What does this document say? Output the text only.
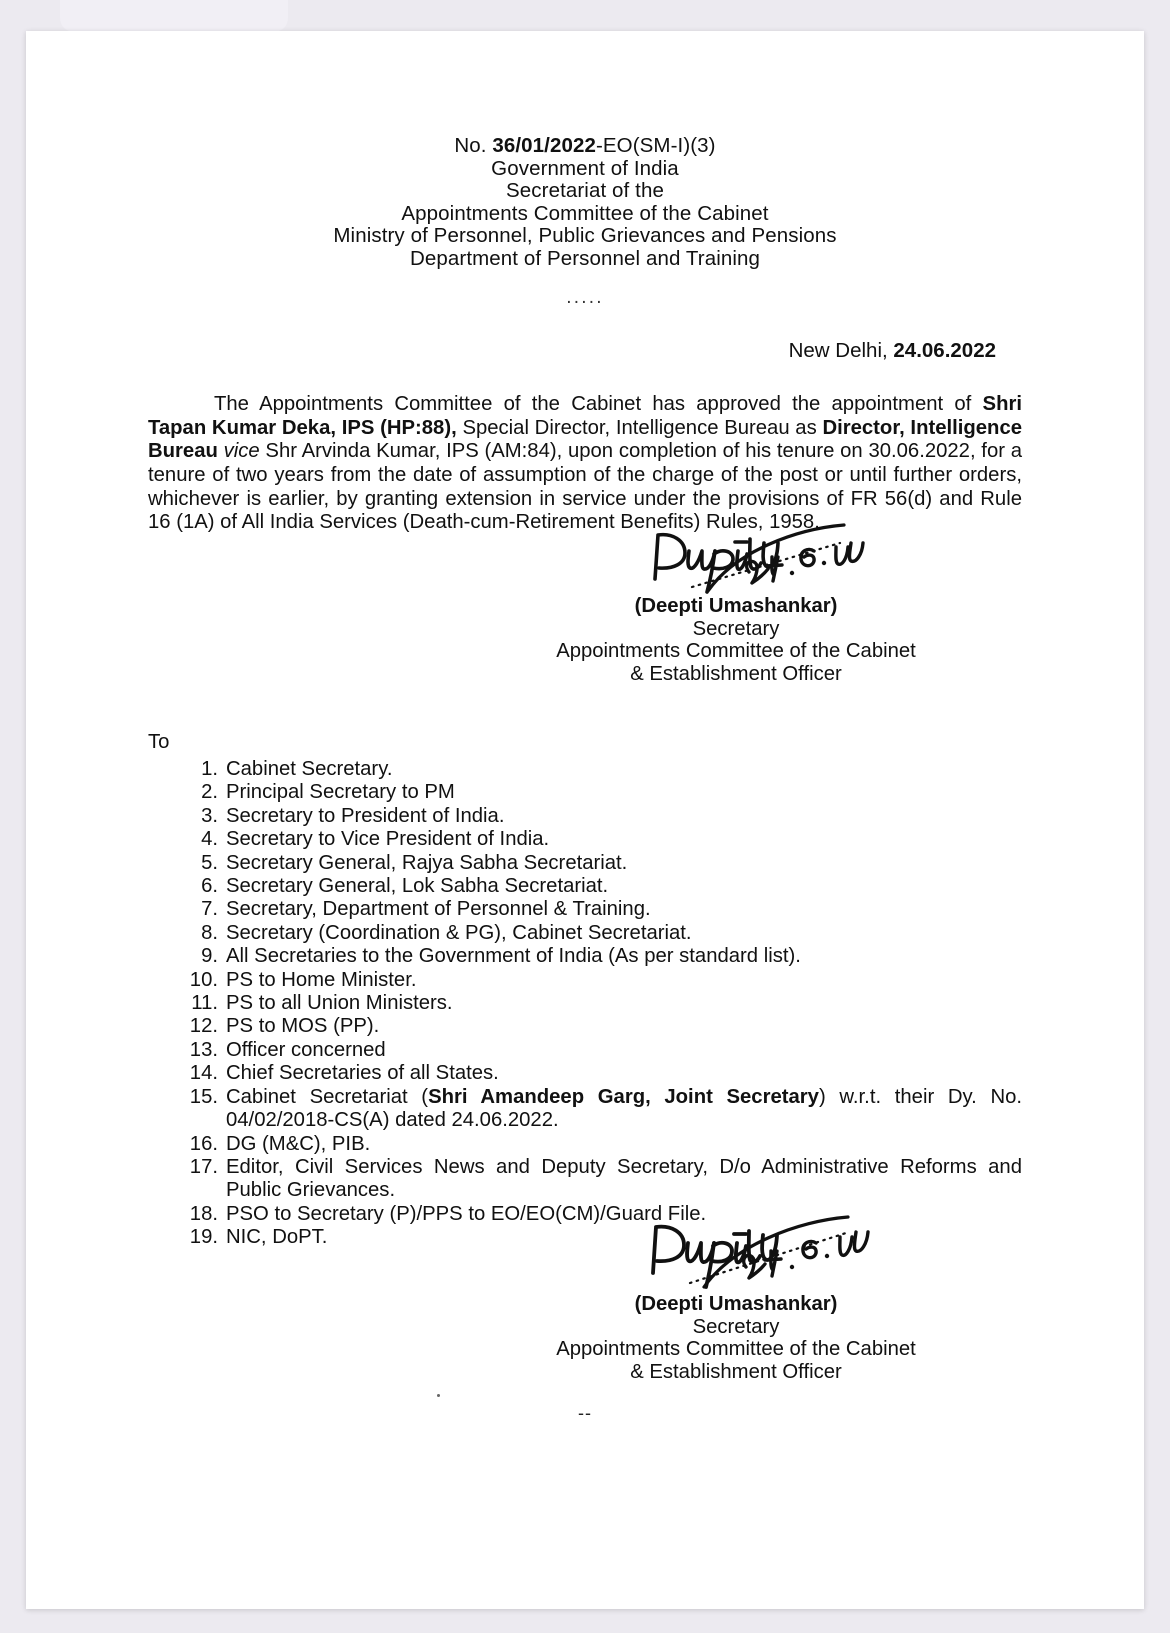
No. 36/01/2022-EO(SM-I)(3)
Government of India
Secretariat of the
Appointments Committee of the Cabinet
Ministry of Personnel, Public Grievances and Pensions
Department of Personnel and Training
.....
New Delhi, 24.06.2022
The Appointments Committee of the Cabinet has approved the appointment of Shri Tapan Kumar Deka, IPS (HP:88), Special Director, Intelligence Bureau as Director, Intelligence Bureau vice Shr Arvinda Kumar, IPS (AM:84), upon completion of his tenure on 30.06.2022, for a tenure of two years from the date of assumption of the charge of the post or until further orders, whichever is earlier, by granting extension in service under the provisions of FR 56(d) and Rule 16 (1A) of All India Services (Death-cum-Retirement Benefits) Rules, 1958.
(Deepti Umashankar)
Secretary
Appointments Committee of the Cabinet
& Establishment Officer
To
1. Cabinet Secretary.
2. Principal Secretary to PM
3. Secretary to President of India.
4. Secretary to Vice President of India.
5. Secretary General, Rajya Sabha Secretariat.
6. Secretary General, Lok Sabha Secretariat.
7. Secretary, Department of Personnel & Training.
8. Secretary (Coordination & PG), Cabinet Secretariat.
9. All Secretaries to the Government of India (As per standard list).
10. PS to Home Minister.
11. PS to all Union Ministers.
12. PS to MOS (PP).
13. Officer concerned
14. Chief Secretaries of all States.
15. Cabinet Secretariat (Shri Amandeep Garg, Joint Secretary) w.r.t. their Dy. No. 04/02/2018-CS(A) dated 24.06.2022.
16. DG (M&C), PIB.
17. Editor, Civil Services News and Deputy Secretary, D/o Administrative Reforms and Public Grievances.
18. PSO to Secretary (P)/PPS to EO/EO(CM)/Guard File.
19. NIC, DoPT.
(Deepti Umashankar)
Secretary
Appointments Committee of the Cabinet
& Establishment Officer
--
